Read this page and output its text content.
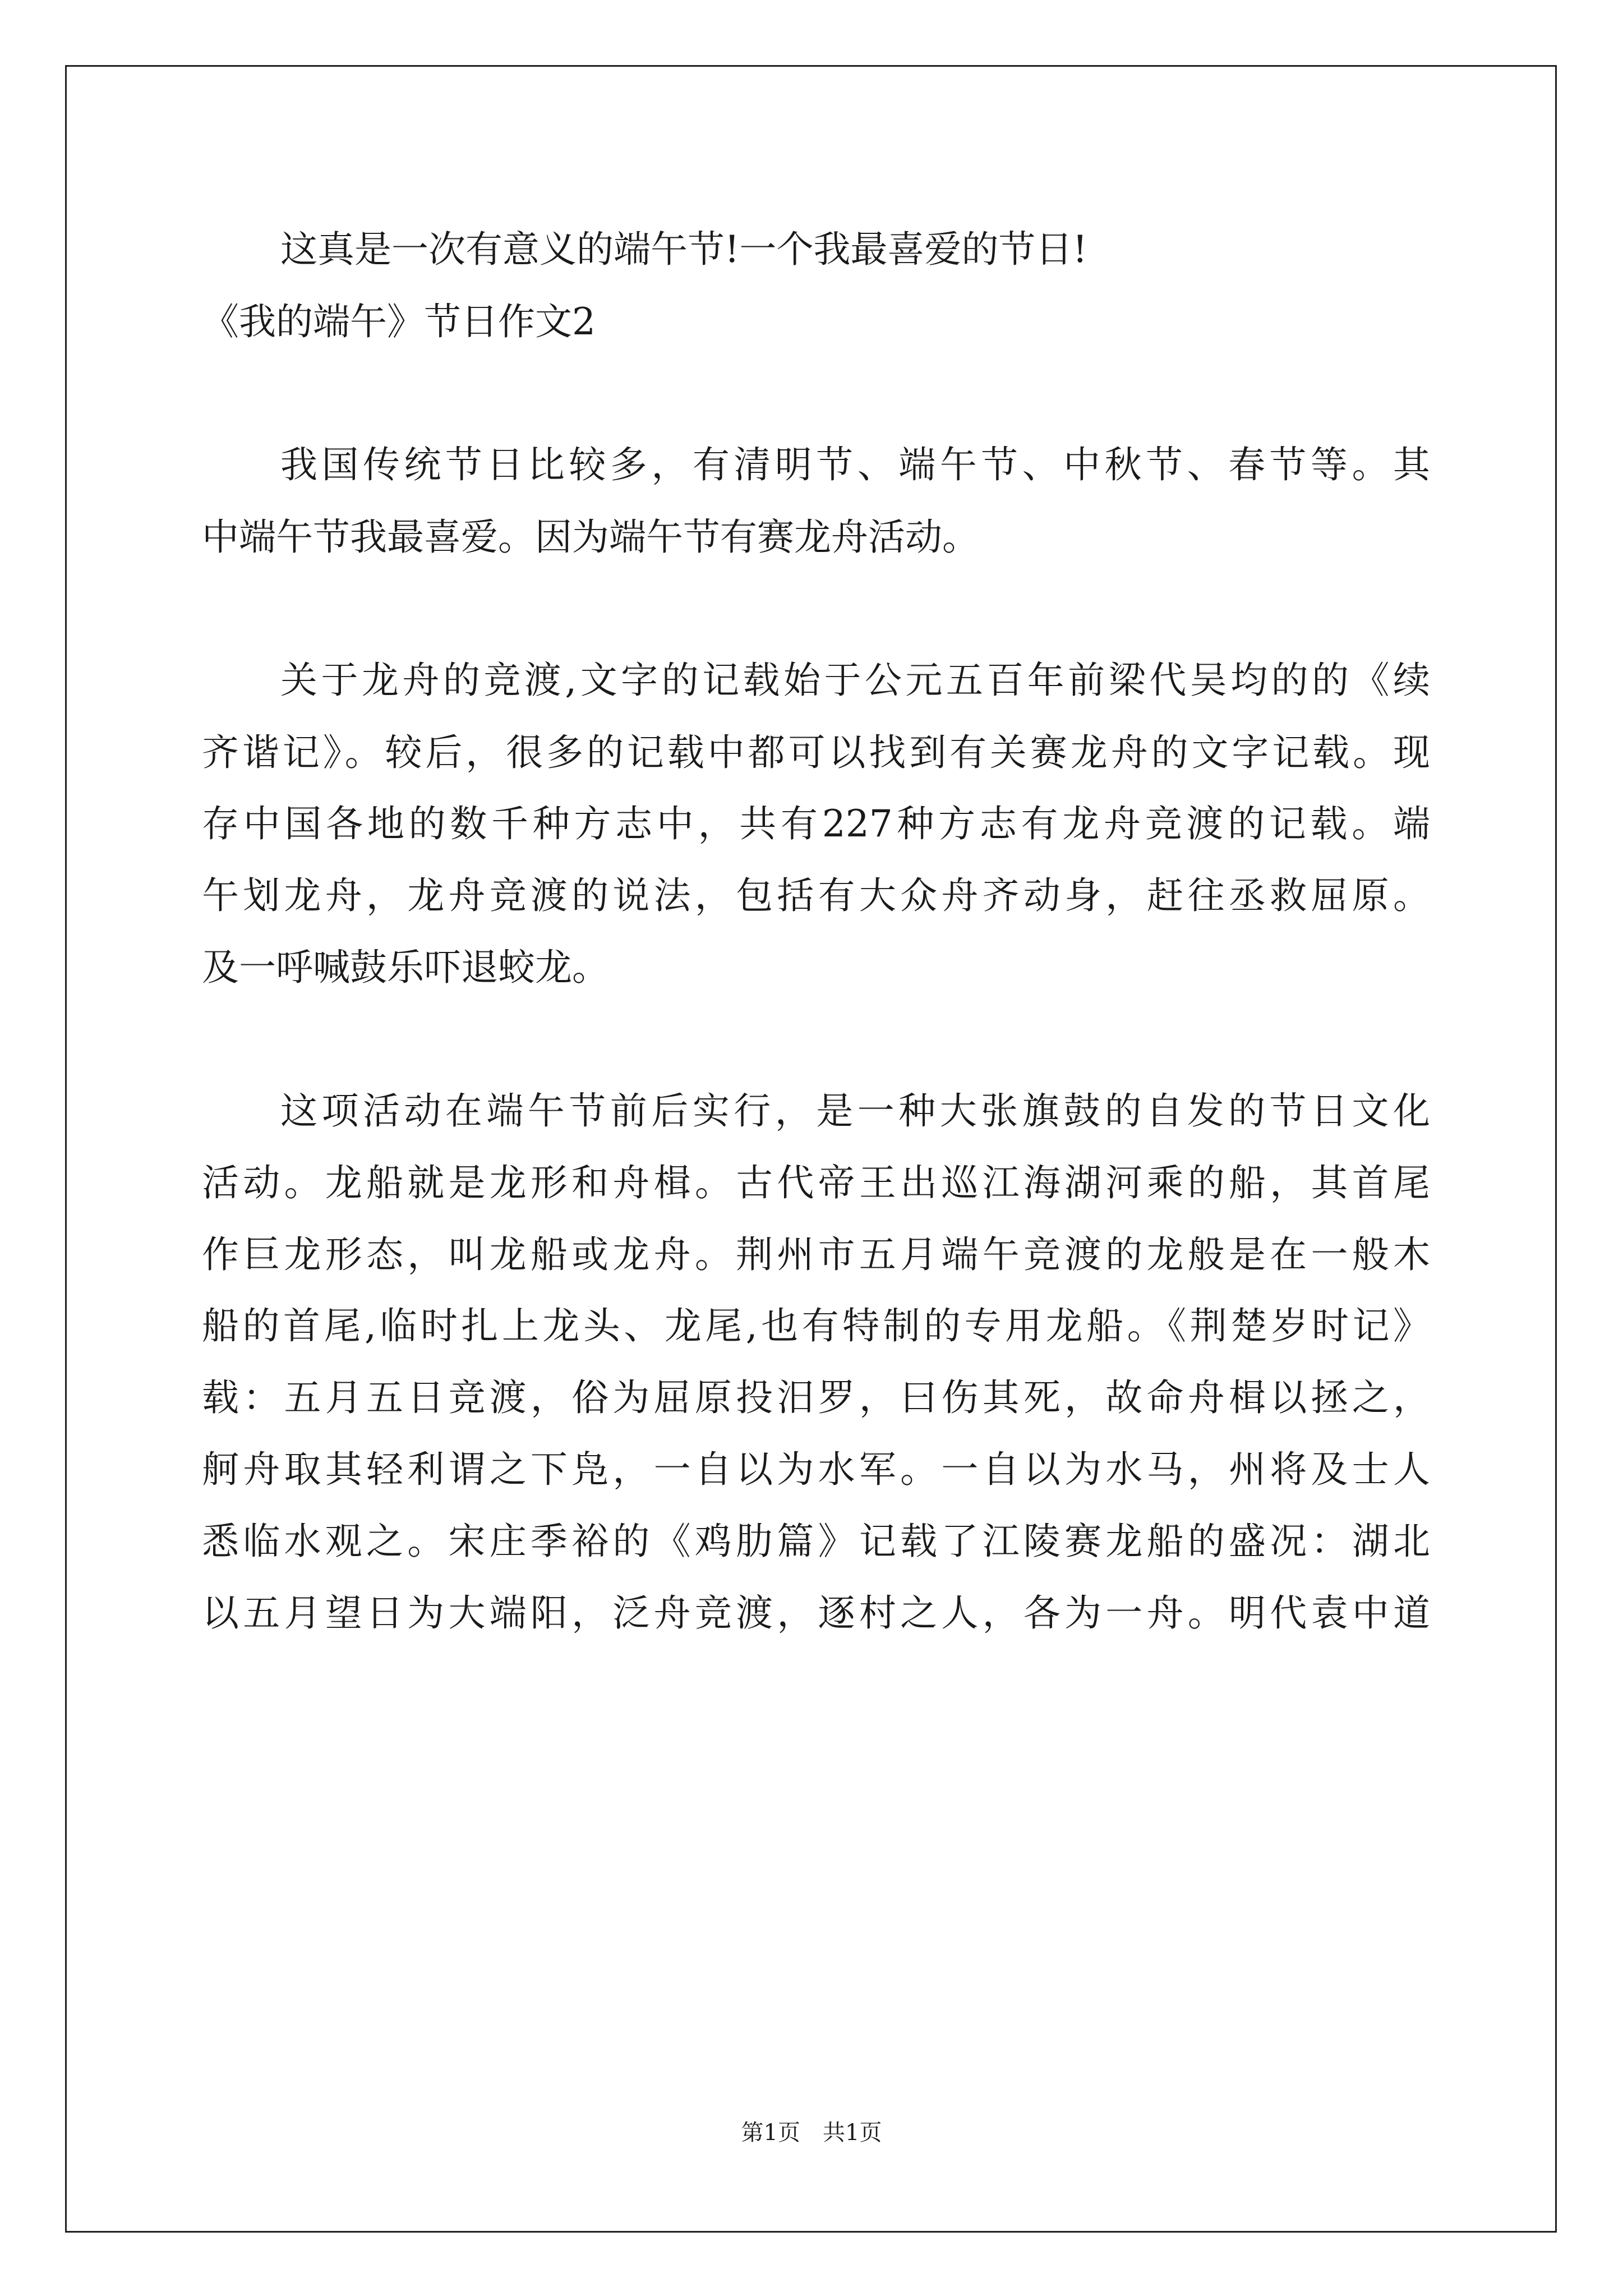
这真是一次有意义的端午节!一个我最喜爱的节日!
《我的端午》节日作文2
我国传统节日比较多，有清明节、端午节、中秋节、春节等。其
中端午节我最喜爱。因为端午节有赛龙舟活动。
关于龙舟的竞渡,文字的记载始于公元五百年前梁代吴均的的《续
齐谐记》。较后，很多的记载中都可以找到有关赛龙舟的文字记载。现
存中国各地的数千种方志中，共有227种方志有龙舟竞渡的记载。端
午划龙舟，龙舟竞渡的说法，包括有大众舟齐动身，赶往丞救屈原。
及一呼喊鼓乐吓退蛟龙。
这项活动在端午节前后实行，是一种大张旗鼓的自发的节日文化
活动。龙船就是龙形和舟楫。古代帝王出巡江海湖河乘的船，其首尾
作巨龙形态，叫龙船或龙舟。荆州市五月端午竞渡的龙般是在一般木
船的首尾,临时扎上龙头、龙尾,也有特制的专用龙船。《荆楚岁时记》
载：五月五日竞渡，俗为屈原投汨罗，曰伤其死，故命舟楫以拯之，
舸舟取其轻利谓之下凫，一自以为水军。一自以为水马，州将及士人
悉临水观之。宋庄季裕的《鸡肋篇》记载了江陵赛龙船的盛况：湖北
以五月望日为大端阳，泛舟竞渡，逐村之人，各为一舟。明代袁中道
第1页　共1页
